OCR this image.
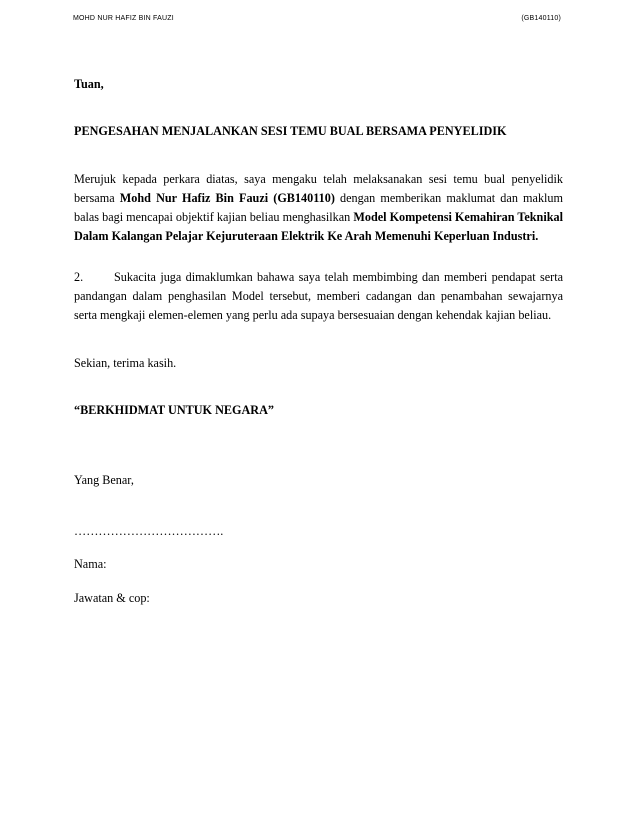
MOHD NUR HAFIZ BIN FAUZI	(GB140110)

Tuan,

PENGESAHAN MENJALANKAN SESI TEMU BUAL BERSAMA PENYELIDIK

Merujuk kepada perkara diatas, saya mengaku telah melaksanakan sesi temu bual penyelidik bersama Mohd Nur Hafiz Bin Fauzi (GB140110) dengan memberikan maklumat dan maklum balas bagi mencapai objektif kajian beliau menghasilkan Model Kompetensi Kemahiran Teknikal Dalam Kalangan Pelajar Kejuruteraan Elektrik Ke Arah Memenuhi Keperluan Industri.

2.	Sukacita juga dimaklumkan bahawa saya telah membimbing dan memberi pendapat serta pandangan dalam penghasilan Model tersebut, memberi cadangan dan penambahan sewajarnya serta mengkaji elemen-elemen yang perlu ada supaya bersesuaian dengan kehendak kajian beliau.

Sekian, terima kasih.

“BERKHIDMAT UNTUK NEGARA”

Yang Benar,

……………………………….

Nama:

Jawatan & cop:
